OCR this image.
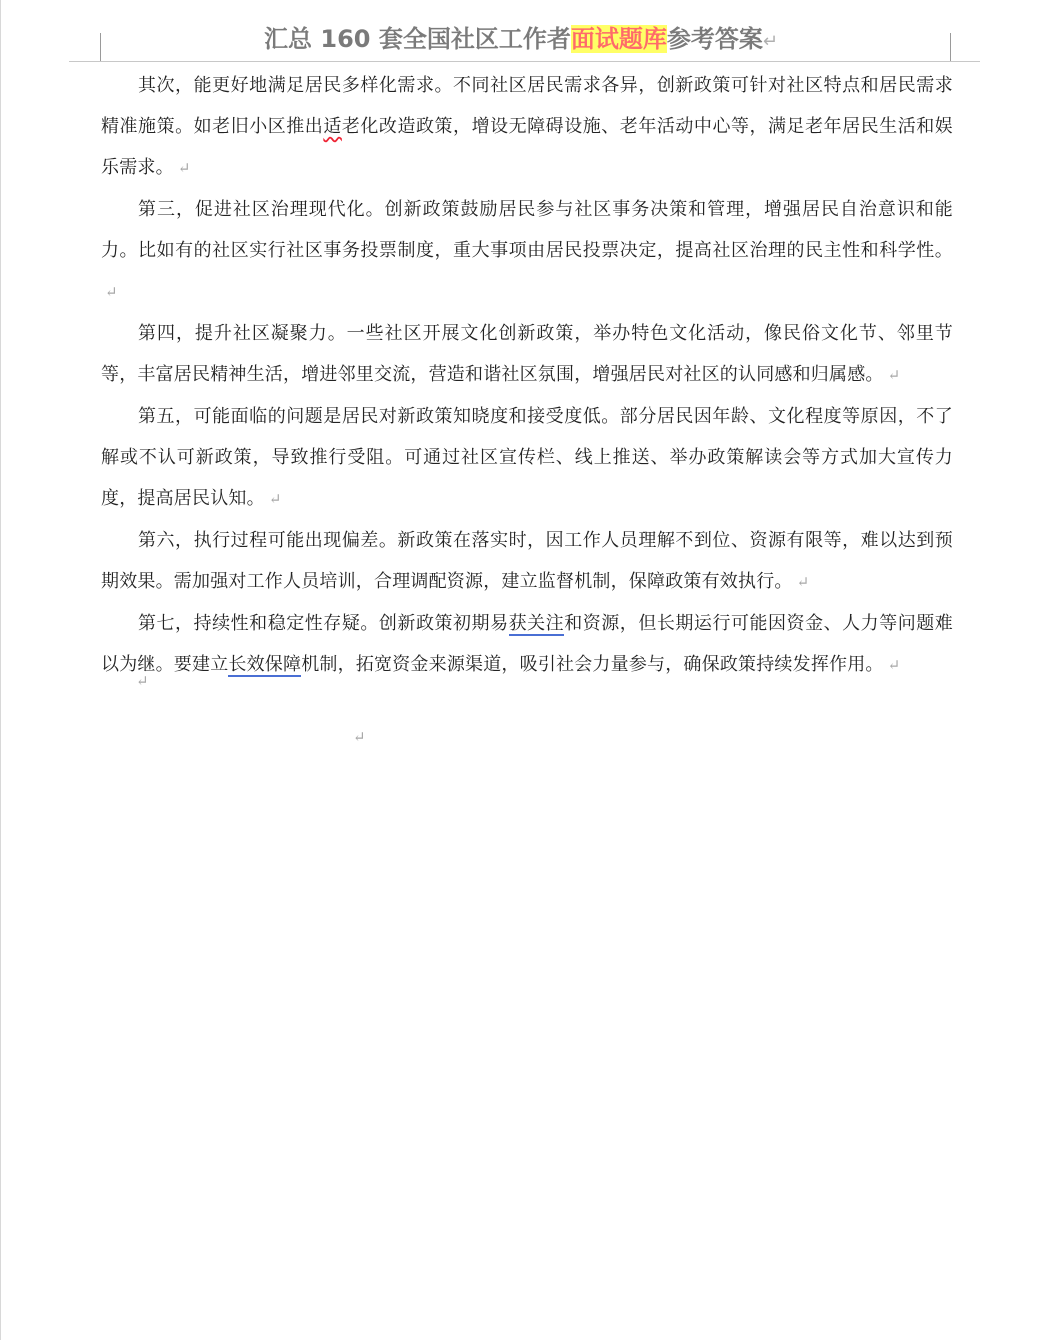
汇总 160 套全国社区工作者面试题库参考答案↵

其次，能更好地满足居民多样化需求。不同社区居民需求各异，创新政策可针对社区特点和居民需求精准施策。如老旧小区推出适老化改造政策，增设无障碍设施、老年活动中心等，满足老年居民生活和娱乐需求。 ↵

第三，促进社区治理现代化。创新政策鼓励居民参与社区事务决策和管理，增强居民自治意识和能力。比如有的社区实行社区事务投票制度，重大事项由居民投票决定，提高社区治理的民主性和科学性。↵

第四，提升社区凝聚力。一些社区开展文化创新政策，举办特色文化活动，像民俗文化节、邻里节等，丰富居民精神生活，增进邻里交流，营造和谐社区氛围，增强居民对社区的认同感和归属感。 ↵

第五，可能面临的问题是居民对新政策知晓度和接受度低。部分居民因年龄、文化程度等原因，不了解或不认可新政策，导致推行受阻。可通过社区宣传栏、线上推送、举办政策解读会等方式加大宣传力度，提高居民认知。 ↵

第六，执行过程可能出现偏差。新政策在落实时，因工作人员理解不到位、资源有限等，难以达到预期效果。需加强对工作人员培训，合理调配资源，建立监督机制，保障政策有效执行。 ↵

第七，持续性和稳定性存疑。创新政策初期易获关注和资源，但长期运行可能因资金、人力等问题难以为继。要建立长效保障机制，拓宽资金来源渠道，吸引社会力量参与，确保政策持续发挥作用。 ↵

↵
↵
